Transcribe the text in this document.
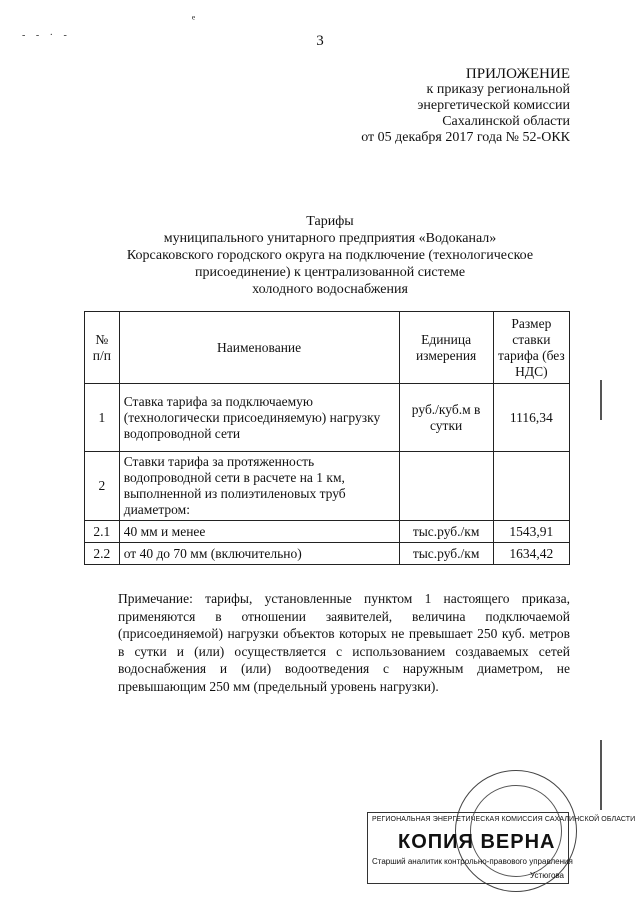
ᵉ
- - · -	3
ПРИЛОЖЕНИЕ
к приказу региональной
энергетической комиссии
Сахалинской области
от 05 декабря 2017 года № 52-ОКК
Тарифы
муниципального унитарного предприятия «Водоканал»
Корсаковского городского округа на подключение (технологическое
присоединение) к централизованной системе
холодного водоснабжения
№ п/п	Наименование	Единица измерения	Размер ставки тарифа (без НДС)
1	Ставка тарифа за подключаемую (технологически присоединяемую) нагрузку водопроводной сети	руб./куб.м в сутки	1116,34
2	Ставки тарифа за протяженность водопроводной сети в расчете на 1 км, выполненной из полиэтиленовых труб диаметром:		
2.1	40 мм и менее	тыс.руб./км	1543,91
2.2	от 40 до 70 мм (включительно)	тыс.руб./км	1634,42
Примечание: тарифы, установленные пунктом 1 настоящего приказа, применяются в отношении заявителей, величина подключаемой (присоединяемой) нагрузки объектов которых не превышает 250 куб. метров в сутки и (или) осуществляется с использованием создаваемых сетей водоснабжения и (или) водоотведения с наружным диаметром, не превышающим 250 мм (предельный уровень нагрузки).
РЕГИОНАЛЬНАЯ ЭНЕРГЕТИЧЕСКАЯ КОМИССИЯ САХАЛИНСКОЙ ОБЛАСТИ
КОПИЯ ВЕРНА
Старший аналитик контрольно-правового управления
Устюгова
